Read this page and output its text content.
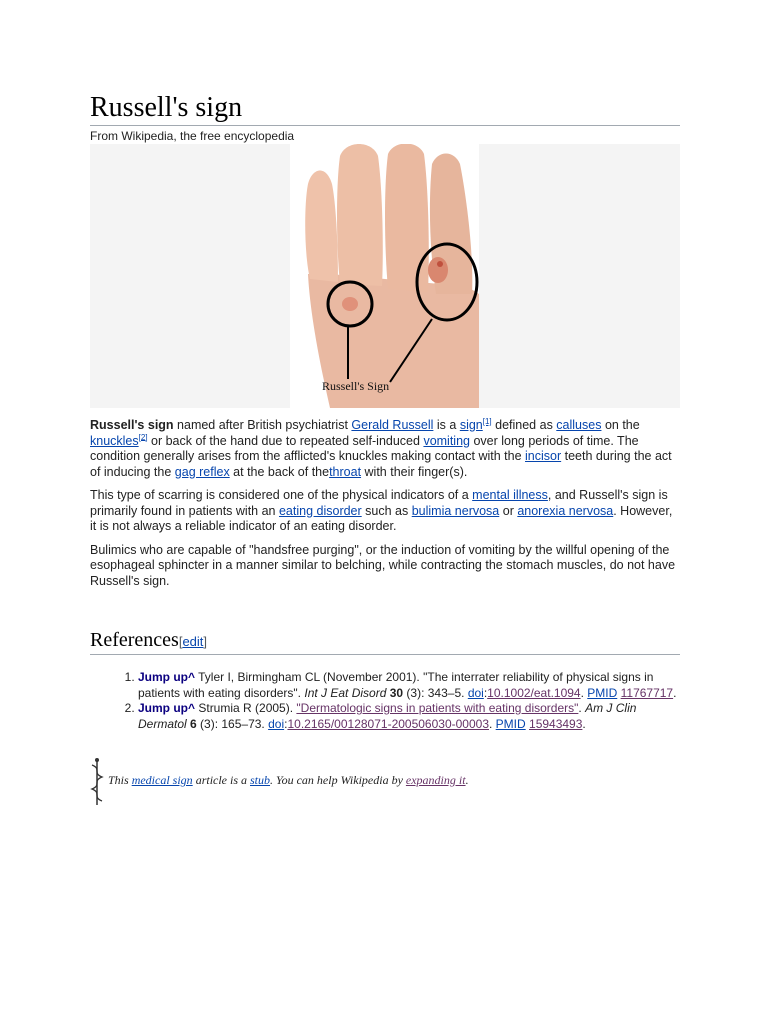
Russell's sign
From Wikipedia, the free encyclopedia
Russell's Sign

Russell's sign named after British psychiatrist Gerald Russell is a sign[1] defined as calluses on the knuckles[2] or back of the hand due to repeated self-induced vomiting over long periods of time. The condition generally arises from the afflicted's knuckles making contact with the incisor teeth during the act of inducing the gag reflex at the back of thethroat with their finger(s).

This type of scarring is considered one of the physical indicators of a mental illness, and Russell's sign is primarily found in patients with an eating disorder such as bulimia nervosa or anorexia nervosa. However, it is not always a reliable indicator of an eating disorder.

Bulimics who are capable of "handsfree purging", or the induction of vomiting by the willful opening of the esophageal sphincter in a manner similar to belching, while contracting the stomach muscles, do not have Russell's sign.

References[edit]
1. Jump up^ Tyler I, Birmingham CL (November 2001). "The interrater reliability of physical signs in patients with eating disorders". Int J Eat Disord 30 (3): 343–5. doi:10.1002/eat.1094. PMID 11767717.
2. Jump up^ Strumia R (2005). "Dermatologic signs in patients with eating disorders". Am J Clin Dermatol 6 (3): 165–73. doi:10.2165/00128071-200506030-00003. PMID 15943493.
This medical sign article is a stub. You can help Wikipedia by expanding it.
